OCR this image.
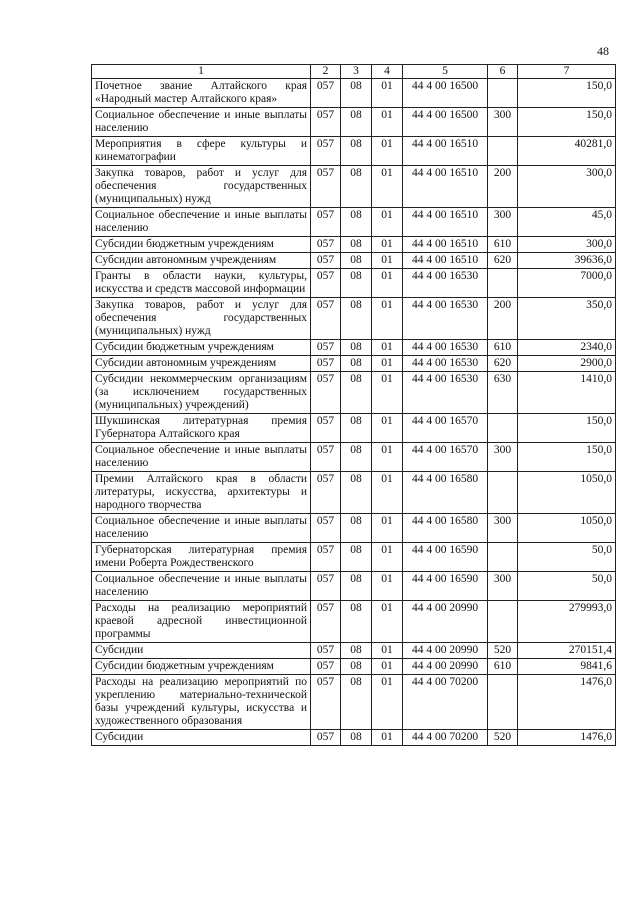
48
1	2	3	4	5	6	7
Почетное звание Алтайского края «Народный мастер Алтайского края»	057	08	01	44 4 00 16500		150,0
Социальное обеспечение и иные выплаты населению	057	08	01	44 4 00 16500	300	150,0
Мероприятия в сфере культуры и кинематографии	057	08	01	44 4 00 16510		40281,0
Закупка товаров, работ и услуг для обеспечения государственных (муниципальных) нужд	057	08	01	44 4 00 16510	200	300,0
Социальное обеспечение и иные выплаты населению	057	08	01	44 4 00 16510	300	45,0
Субсидии бюджетным учреждениям	057	08	01	44 4 00 16510	610	300,0
Субсидии автономным учреждениям	057	08	01	44 4 00 16510	620	39636,0
Гранты в области науки, культуры, искусства и средств массовой информации	057	08	01	44 4 00 16530		7000,0
Закупка товаров, работ и услуг для обеспечения государственных (муниципальных) нужд	057	08	01	44 4 00 16530	200	350,0
Субсидии бюджетным учреждениям	057	08	01	44 4 00 16530	610	2340,0
Субсидии автономным учреждениям	057	08	01	44 4 00 16530	620	2900,0
Субсидии некоммерческим организациям (за исключением государственных (муниципальных) учреждений)	057	08	01	44 4 00 16530	630	1410,0
Шукшинская литературная премия Губернатора Алтайского края	057	08	01	44 4 00 16570		150,0
Социальное обеспечение и иные выплаты населению	057	08	01	44 4 00 16570	300	150,0
Премии Алтайского края в области литературы, искусства, архитектуры и народного творчества	057	08	01	44 4 00 16580		1050,0
Социальное обеспечение и иные выплаты населению	057	08	01	44 4 00 16580	300	1050,0
Губернаторская литературная премия имени Роберта Рождественского	057	08	01	44 4 00 16590		50,0
Социальное обеспечение и иные выплаты населению	057	08	01	44 4 00 16590	300	50,0
Расходы на реализацию мероприятий краевой адресной инвестиционной программы	057	08	01	44 4 00 20990		279993,0
Субсидии	057	08	01	44 4 00 20990	520	270151,4
Субсидии бюджетным учреждениям	057	08	01	44 4 00 20990	610	9841,6
Расходы на реализацию мероприятий по укреплению материально-технической базы учреждений культуры, искусства и художественного образования	057	08	01	44 4 00 70200		1476,0
Субсидии	057	08	01	44 4 00 70200	520	1476,0
